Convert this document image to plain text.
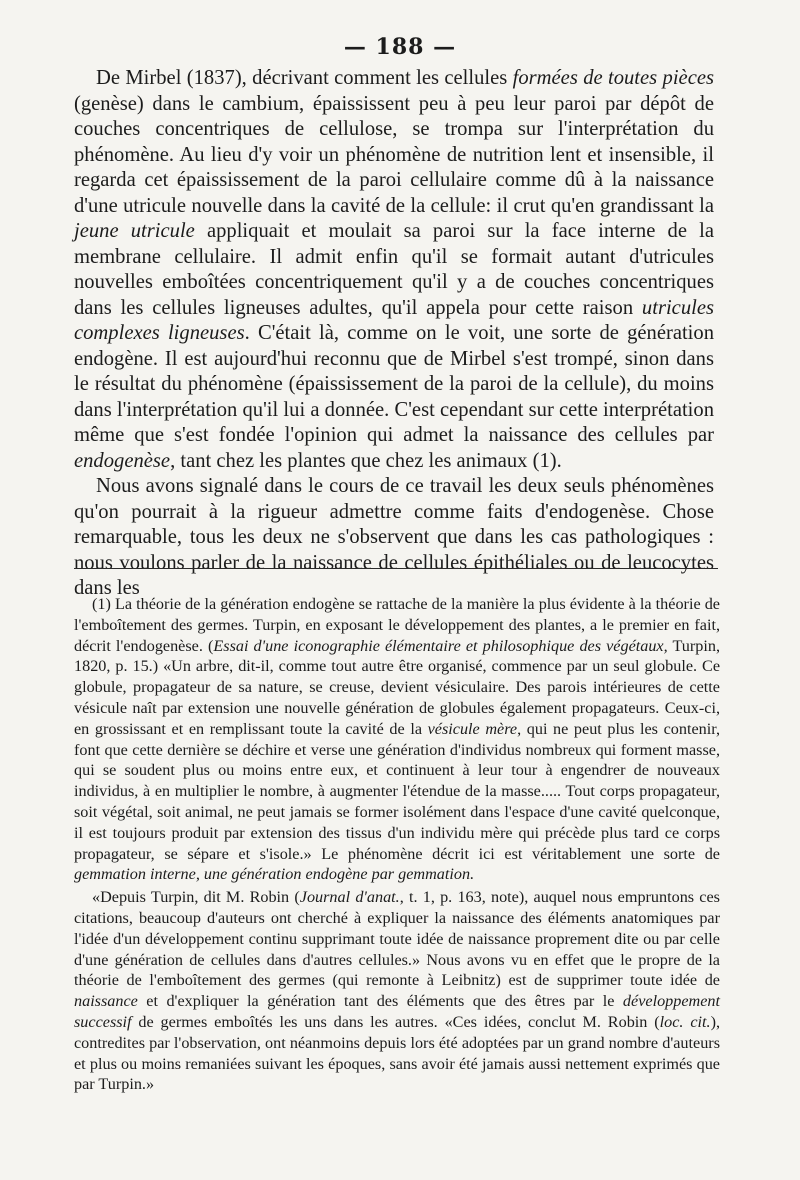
— 188 —

De Mirbel (1837), décrivant comment les cellules formées de toutes pièces (genèse) dans le cambium, épaississent peu à peu leur paroi par dépôt de couches concentriques de cellulose, se trompa sur l'interprétation du phénomène. Au lieu d'y voir un phénomène de nutrition lent et insensible, il regarda cet épaississement de la paroi cellulaire comme dû à la naissance d'une utricule nouvelle dans la cavité de la cellule: il crut qu'en grandissant la jeune utricule appliquait et moulait sa paroi sur la face interne de la membrane cellulaire. Il admit enfin qu'il se formait autant d'utricules nouvelles emboîtées concentriquement qu'il y a de couches concentriques dans les cellules ligneuses adultes, qu'il appela pour cette raison utricules complexes ligneuses. C'était là, comme on le voit, une sorte de génération endogène. Il est aujourd'hui reconnu que de Mirbel s'est trompé, sinon dans le résultat du phénomène (épaississement de la paroi de la cellule), du moins dans l'interprétation qu'il lui a donnée. C'est cependant sur cette interprétation même que s'est fondée l'opinion qui admet la naissance des cellules par endogenèse, tant chez les plantes que chez les animaux (1).

Nous avons signalé dans le cours de ce travail les deux seuls phénomènes qu'on pourrait à la rigueur admettre comme faits d'endogenèse. Chose remarquable, tous les deux ne s'observent que dans les cas pathologiques : nous voulons parler de la naissance de cellules épithéliales ou de leucocytes dans les

(1) La théorie de la génération endogène se rattache de la manière la plus évidente à la théorie de l'emboîtement des germes. Turpin, en exposant le développement des plantes, a le premier en fait, décrit l'endogenèse. (Essai d'une iconographie élémentaire et philosophique des végétaux, Turpin, 1820, p. 15.) «Un arbre, dit-il, comme tout autre être organisé, commence par un seul globule. Ce globule, propagateur de sa nature, se creuse, devient vésiculaire. Des parois intérieures de cette vésicule naît par extension une nouvelle génération de globules également propagateurs. Ceux-ci, en grossissant et en remplissant toute la cavité de la vésicule mère, qui ne peut plus les contenir, font que cette dernière se déchire et verse une génération d'individus nombreux qui forment masse, qui se soudent plus ou moins entre eux, et continuent à leur tour à engendrer de nouveaux individus, à en multiplier le nombre, à augmenter l'étendue de la masse..... Tout corps propagateur, soit végétal, soit animal, ne peut jamais se former isolément dans l'espace d'une cavité quelconque, il est toujours produit par extension des tissus d'un individu mère qui précède plus tard ce corps propagateur, se sépare et s'isole.» Le phénomène décrit ici est véritablement une sorte de gemmation interne, une génération endogène par gemmation.

«Depuis Turpin, dit M. Robin (Journal d'anat., t. 1, p. 163, note), auquel nous empruntons ces citations, beaucoup d'auteurs ont cherché à expliquer la naissance des éléments anatomiques par l'idée d'un développement continu supprimant toute idée de naissance proprement dite ou par celle d'une génération de cellules dans d'autres cellules.» Nous avons vu en effet que le propre de la théorie de l'emboîtement des germes (qui remonte à Leibnitz) est de supprimer toute idée de naissance et d'expliquer la génération tant des éléments que des êtres par le développement successif de germes emboîtés les uns dans les autres. «Ces idées, conclut M. Robin (loc. cit.), contredites par l'observation, ont néanmoins depuis lors été adoptées par un grand nombre d'auteurs et plus ou moins remaniées suivant les époques, sans avoir été jamais aussi nettement exprimés que par Turpin.»
